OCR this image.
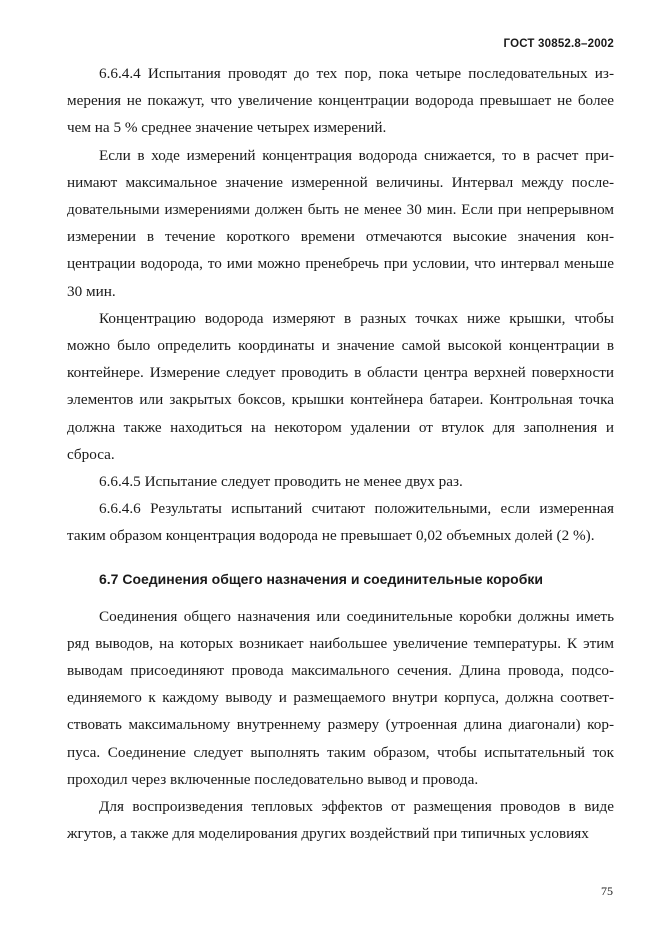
ГОСТ 30852.8–2002

6.6.4.4 Испытания проводят до тех пор, пока четыре последовательных измерения не покажут, что увеличение концентрации водорода превышает не более чем на 5 % среднее значение четырех измерений.

Если в ходе измерений концентрация водорода снижается, то в расчет принимают максимальное значение измеренной величины. Интервал между последовательными измерениями должен быть не менее 30 мин. Если при непрерывном измерении в течение короткого времени отмечаются высокие значения концентрации водорода, то ими можно пренебречь при условии, что интервал меньше 30 мин.

Концентрацию водорода измеряют в разных точках ниже крышки, чтобы можно было определить координаты и значение самой высокой концентрации в контейнере. Измерение следует проводить в области центра верхней поверхности элементов или закрытых боксов, крышки контейнера батареи. Контрольная точка должна также находиться на некотором удалении от втулок для заполнения и сброса.

6.6.4.5 Испытание следует проводить не менее двух раз.

6.6.4.6 Результаты испытаний считают положительными, если измеренная таким образом концентрация водорода не превышает 0,02 объемных долей (2 %).

6.7 Соединения общего назначения и соединительные коробки

Соединения общего назначения или соединительные коробки должны иметь ряд выводов, на которых возникает наибольшее увеличение температуры. К этим выводам присоединяют провода максимального сечения. Длина провода, подсоединяемого к каждому выводу и размещаемого внутри корпуса, должна соответствовать максимальному внутреннему размеру (утроенная длина диагонали) корпуса. Соединение следует выполнять таким образом, чтобы испытательный ток проходил через включенные последовательно вывод и провода.

Для воспроизведения тепловых эффектов от размещения проводов в виде жгутов, а также для моделирования других воздействий при типичных условиях

75
